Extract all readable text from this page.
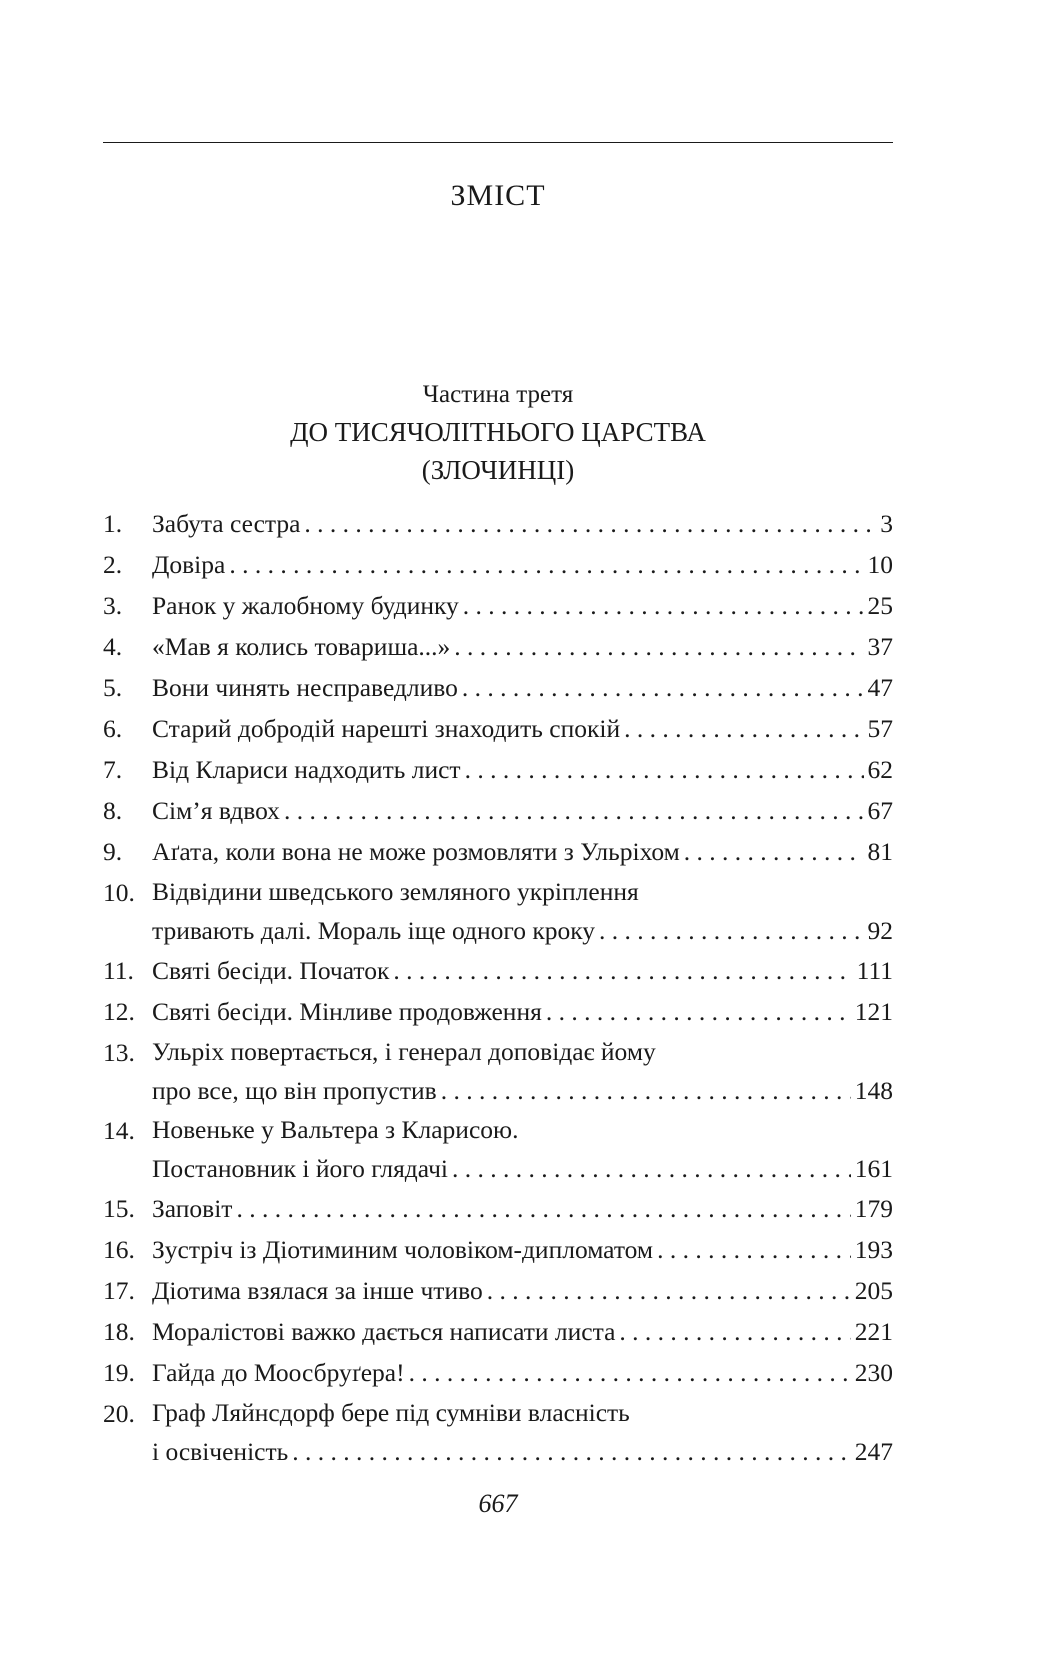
ЗМІСТ
Частина третя
ДО ТИСЯЧОЛІТНЬОГО ЦАРСТВА
(ЗЛОЧИНЦІ)
1. Забута сестра . . .	3
2. Довіра . . .	10
3. Ранок у жалобному будинку . . .	25
4. «Мав я колись товариша...» . . .	37
5. Вони чинять несправедливо . . .	47
6. Старий добродій нарешті знаходить спокій . . .	57
7. Від Клариси надходить лист . . .	62
8. Сім’я вдвох . . .	67
9. Аґата, коли вона не може розмовляти з Ульріхом . . .	81
10. Відвідини шведського земляного укріплення
тривають далі. Мораль іще одного кроку . . .	92
11. Святі бесіди. Початок . . .	111
12. Святі бесіди. Мінливе продовження . . .	121
13. Ульріх повертається, і генерал доповідає йому
про все, що він пропустив . . .	148
14. Новеньке у Вальтера з Кларисою.
Постановник і його глядачі . . .	161
15. Заповіт . . .	179
16. Зустріч із Діотиминим чоловіком-дипломатом . . .	193
17. Діотима взялася за інше чтиво . . .	205
18. Моралістові важко дається написати листа . . .	221
19. Гайда до Моосбруґера! . . .	230
20. Граф Ляйнсдорф бере під сумніви власність
і освіченість . . .	247
667
